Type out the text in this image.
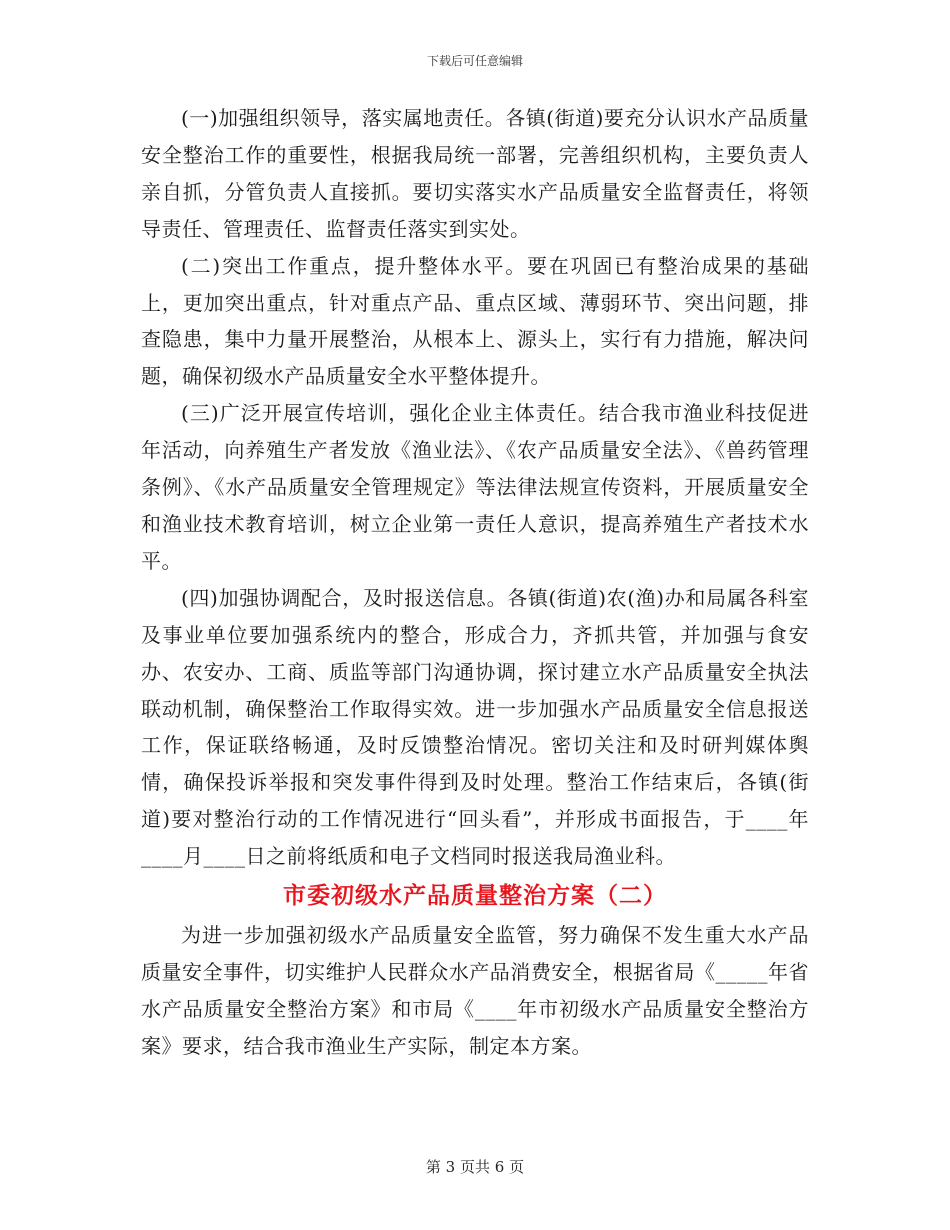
下载后可任意编辑

(一)加强组织领导，落实属地责任。各镇(街道)要充分认识水产品质量安全整治工作的重要性，根据我局统一部署，完善组织机构，主要负责人亲自抓，分管负责人直接抓。要切实落实水产品质量安全监督责任，将领导责任、管理责任、监督责任落实到实处。

(二)突出工作重点，提升整体水平。要在巩固已有整治成果的基础上，更加突出重点，针对重点产品、重点区域、薄弱环节、突出问题，排查隐患，集中力量开展整治，从根本上、源头上，实行有力措施，解决问题，确保初级水产品质量安全水平整体提升。

(三)广泛开展宣传培训，强化企业主体责任。结合我市渔业科技促进年活动，向养殖生产者发放《渔业法》、《农产品质量安全法》、《兽药管理条例》、《水产品质量安全管理规定》等法律法规宣传资料，开展质量安全和渔业技术教育培训，树立企业第一责任人意识，提高养殖生产者技术水平。

(四)加强协调配合，及时报送信息。各镇(街道)农(渔)办和局属各科室及事业单位要加强系统内的整合，形成合力，齐抓共管，并加强与食安办、农安办、工商、质监等部门沟通协调，探讨建立水产品质量安全执法联动机制，确保整治工作取得实效。进一步加强水产品质量安全信息报送工作，保证联络畅通，及时反馈整治情况。密切关注和及时研判媒体舆情，确保投诉举报和突发事件得到及时处理。整治工作结束后，各镇(街道)要对整治行动的工作情况进行“回头看”，并形成书面报告，于____年____月____日之前将纸质和电子文档同时报送我局渔业科。

市委初级水产品质量整治方案（二）

为进一步加强初级水产品质量安全监管，努力确保不发生重大水产品质量安全事件，切实维护人民群众水产品消费安全，根据省局《_____年省水产品质量安全整治方案》和市局《____年市初级水产品质量安全整治方案》要求，结合我市渔业生产实际，制定本方案。

第 3 页共 6 页
